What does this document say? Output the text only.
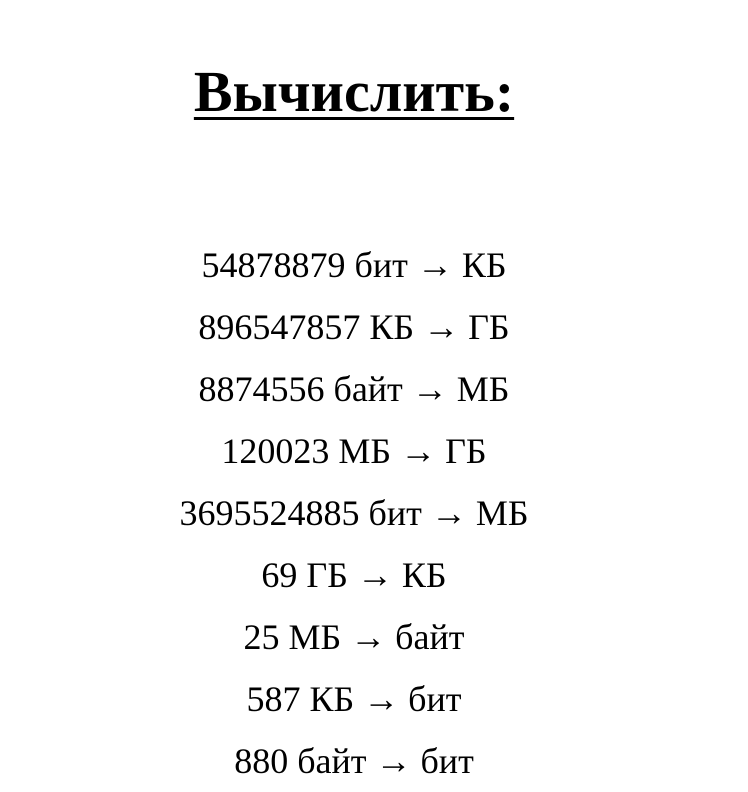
Вычислить:
54878879 бит → КБ
896547857 КБ → ГБ
8874556 байт → МБ
120023 МБ → ГБ
3695524885 бит → МБ
69 ГБ → КБ
25 МБ → байт
587 КБ → бит
880 байт → бит
